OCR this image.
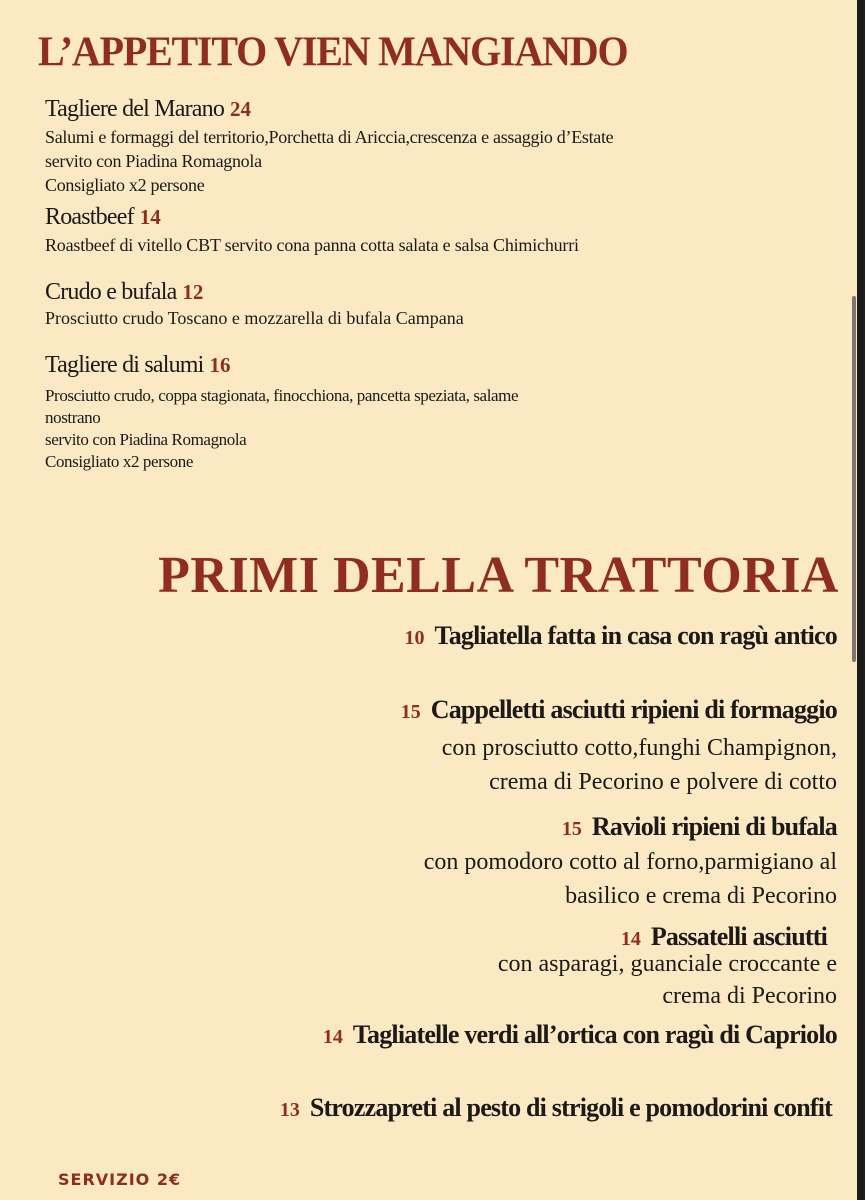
L’APPETITO VIEN MANGIANDO
Tagliere del Marano 24
Salumi e formaggi del territorio,Porchetta di Ariccia,crescenza e assaggio d’Estate
servito con Piadina Romagnola
Consigliato x2 persone
Roastbeef 14
Roastbeef di vitello CBT servito cona panna cotta salata e salsa Chimichurri
Crudo e bufala 12
Prosciutto crudo Toscano e mozzarella di bufala Campana
Tagliere di salumi 16
Prosciutto crudo, coppa stagionata, finocchiona, pancetta speziata, salame
nostrano
servito con Piadina Romagnola
Consigliato x2 persone
PRIMI DELLA TRATTORIA
10 Tagliatella fatta in casa con ragù antico
15 Cappelletti asciutti ripieni di formaggio
con prosciutto cotto,funghi Champignon,
crema di Pecorino e polvere di cotto
15 Ravioli ripieni di bufala
con pomodoro cotto al forno,parmigiano al
basilico e crema di Pecorino
14 Passatelli asciutti
con asparagi, guanciale croccante e
crema di Pecorino
14 Tagliatelle verdi all’ortica con ragù di Capriolo
13 Strozzapreti al pesto di strigoli e pomodorini confit
SERVIZIO 2€
